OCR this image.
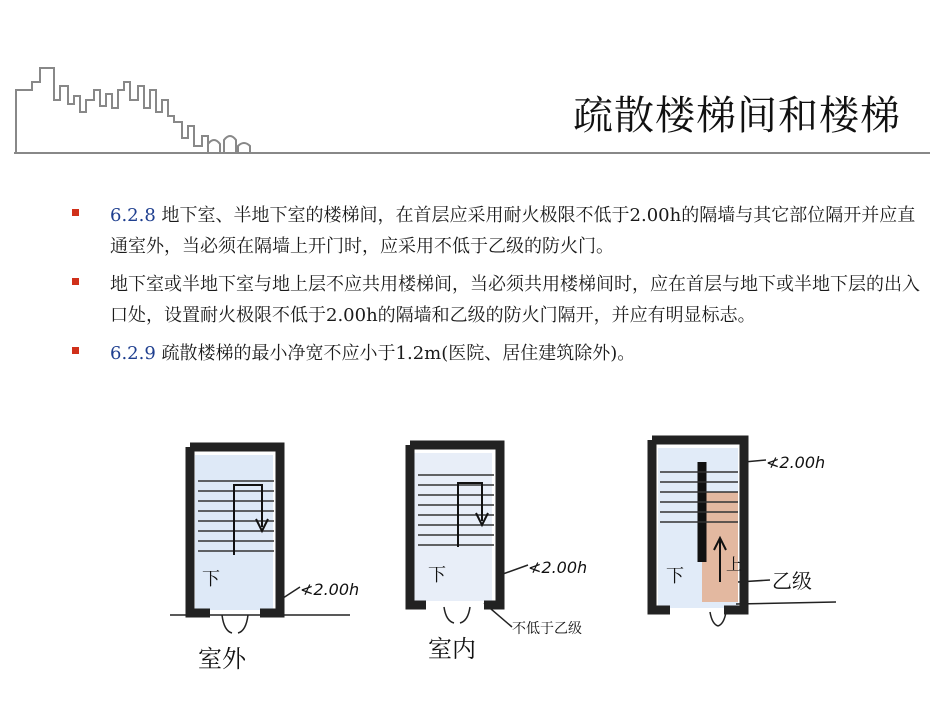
疏散楼梯间和楼梯
6.2.8 地下室、半地下室的楼梯间，在首层应采用耐火极限不低于2.00h的隔墙与其它部位隔开并应直通室外，当必须在隔墙上开门时，应采用不低于乙级的防火门。
地下室或半地下室与地上层不应共用楼梯间，当必须共用楼梯间时，应在首层与地下或半地下层的出入口处，设置耐火极限不低于2.00h的隔墙和乙级的防火门隔开，并应有明显标志。
6.2.9 疏散楼梯的最小净宽不应小于1.2m(医院、居住建筑除外)。
下	≮2.00h
室外
下	≮2.00h
不低于乙级
室内
下
上
≮2.00h
乙级
